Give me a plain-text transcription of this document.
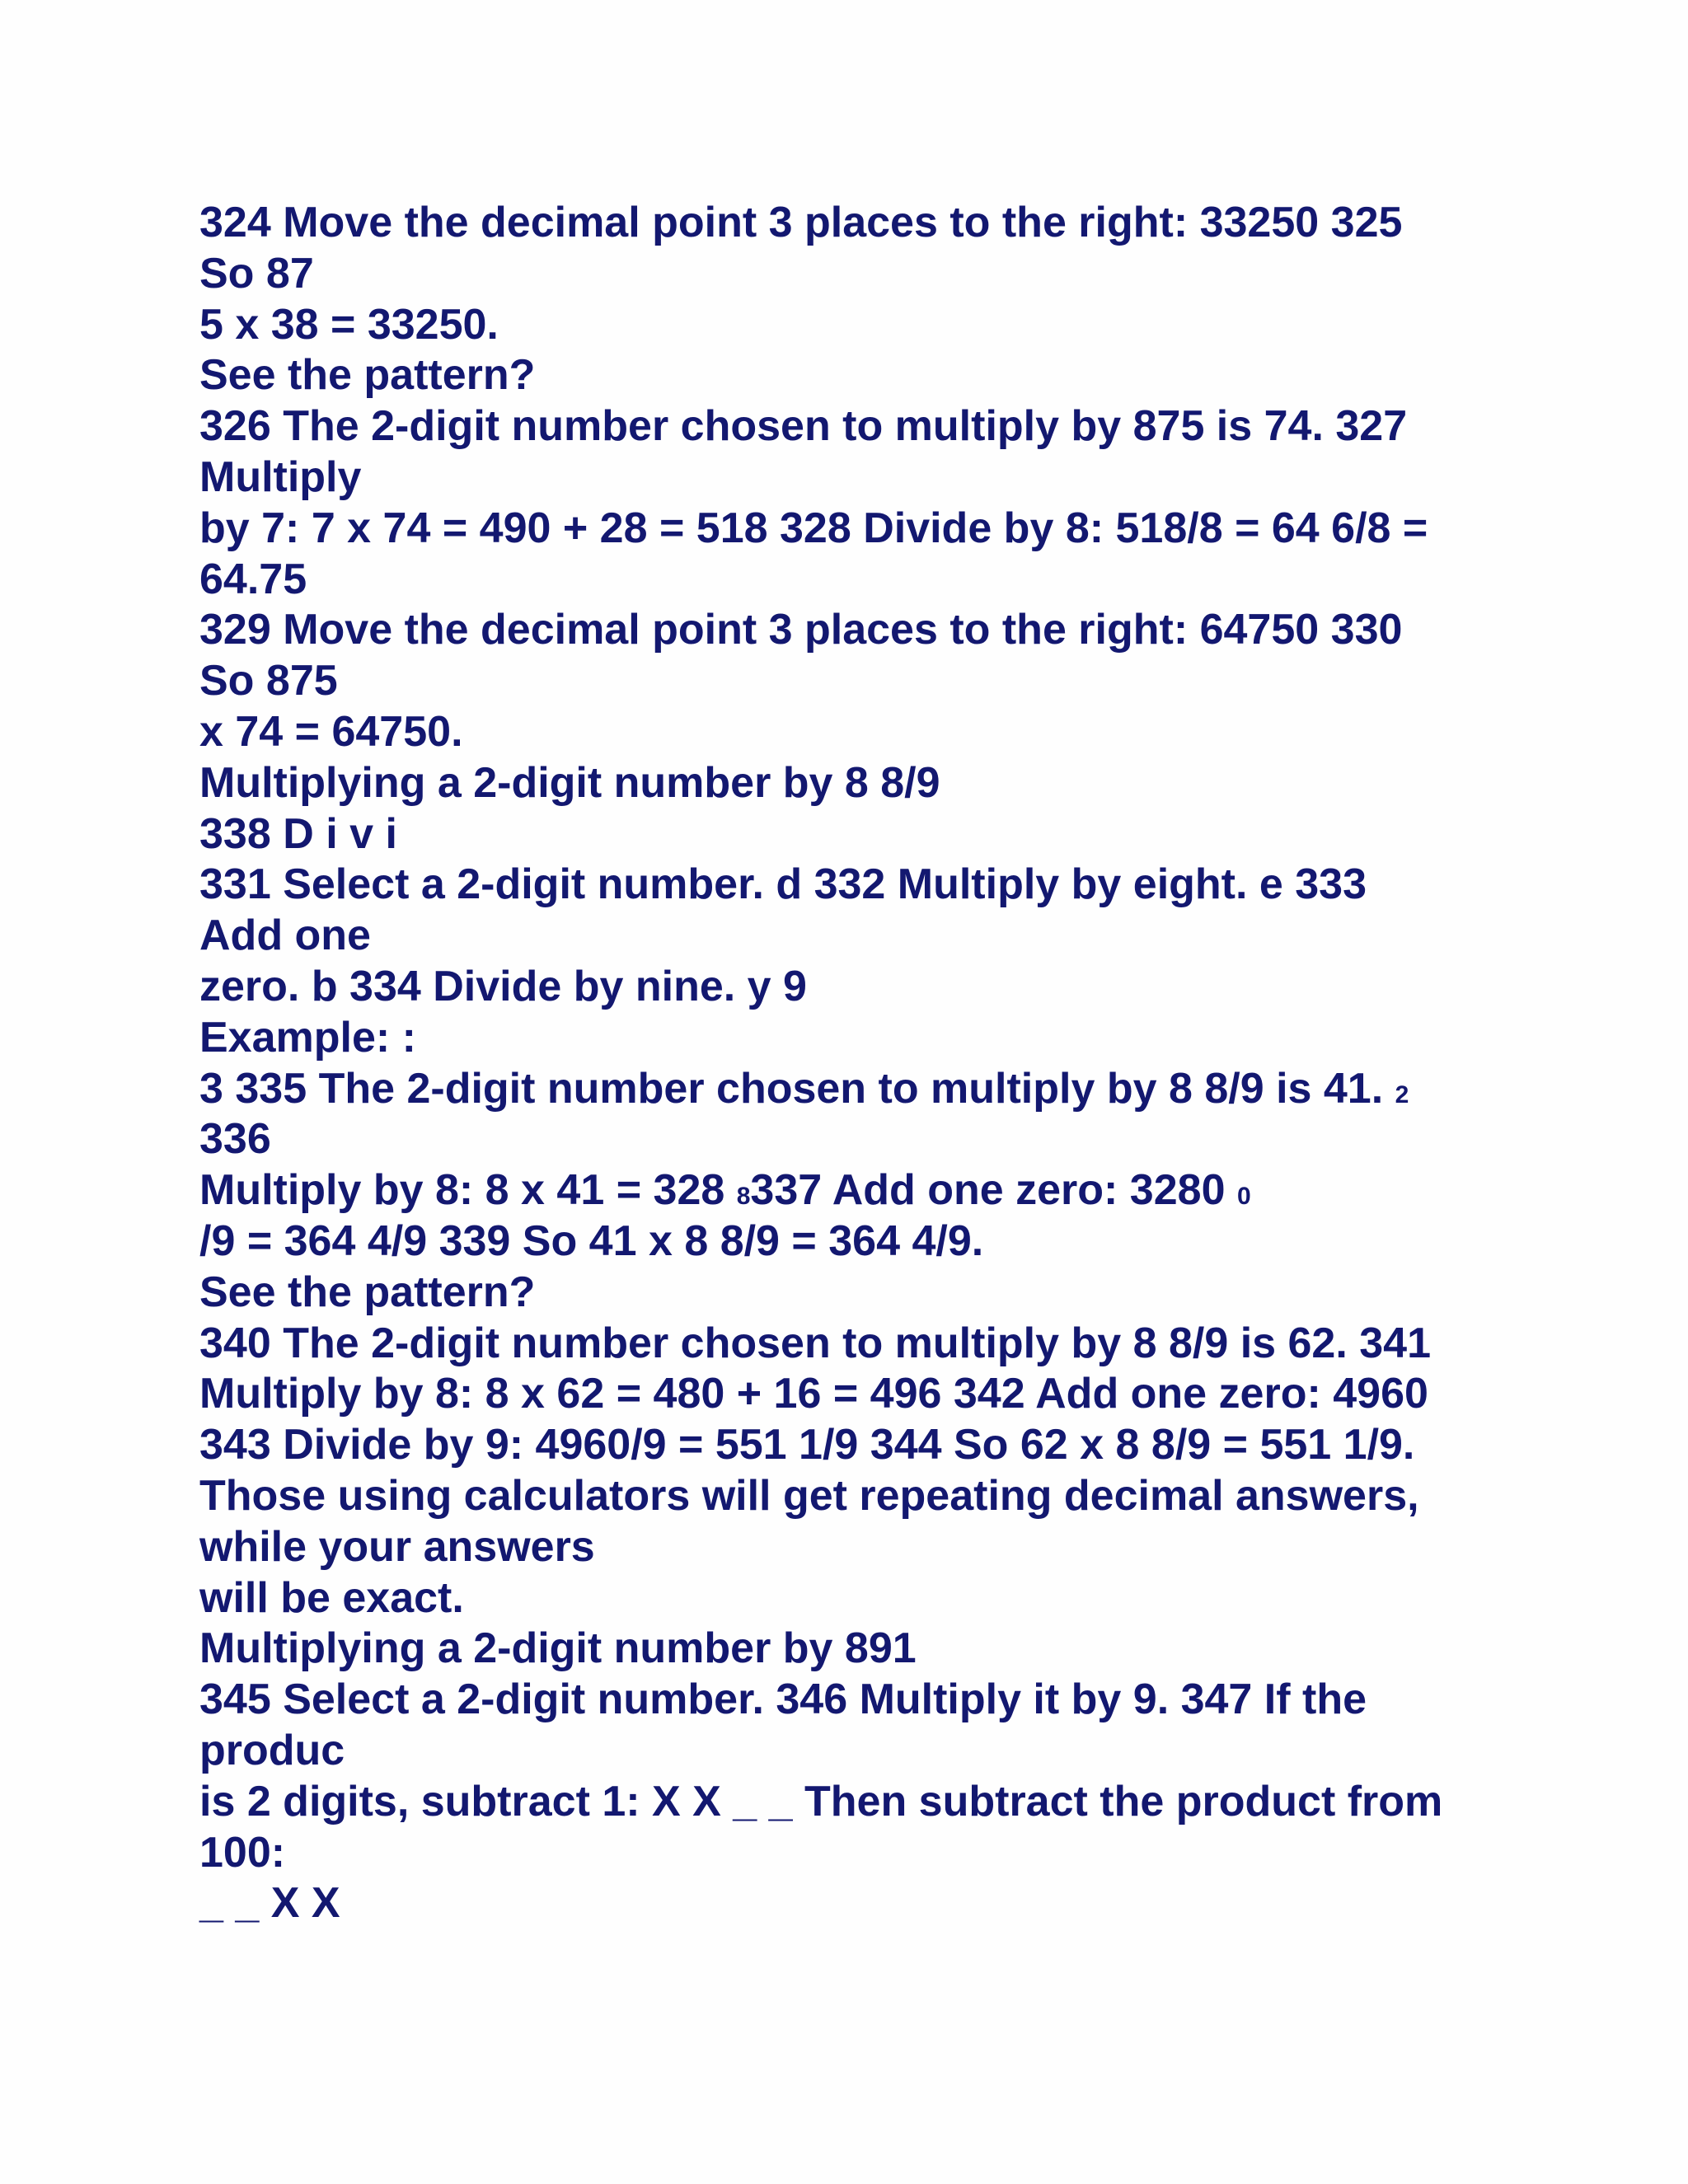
324 Move the decimal point 3 places to the right: 33250 325
So 87
5 x 38 = 33250.
See the pattern?
326 The 2-digit number chosen to multiply by 875 is 74. 327
Multiply
by 7: 7 x 74 = 490 + 28 = 518 328 Divide by 8: 518/8 = 64 6/8 =
64.75
329 Move the decimal point 3 places to the right: 64750 330
So 875
x 74 = 64750.
Multiplying a 2-digit number by 8 8/9
338 D i v i
331 Select a 2-digit number. d 332 Multiply by eight. e 333
Add one
zero. b 334 Divide by nine. y 9
Example: :
3 335 The 2-digit number chosen to multiply by 8 8/9 is 41. 2
336
Multiply by 8: 8 x 41 = 328 8337 Add one zero: 3280 0
/9 = 364 4/9 339 So 41 x 8 8/9 = 364 4/9.
See the pattern?
340 The 2-digit number chosen to multiply by 8 8/9 is 62. 341
Multiply by 8: 8 x 62 = 480 + 16 = 496 342 Add one zero: 4960
343 Divide by 9: 4960/9 = 551 1/9 344 So 62 x 8 8/9 = 551 1/9.
Those using calculators will get repeating decimal answers,
while your answers
will be exact.
Multiplying a 2-digit number by 891
345 Select a 2-digit number. 346 Multiply it by 9. 347 If the
produc
is 2 digits, subtract 1: X X _ _ Then subtract the product from
100:
_ _ X X
